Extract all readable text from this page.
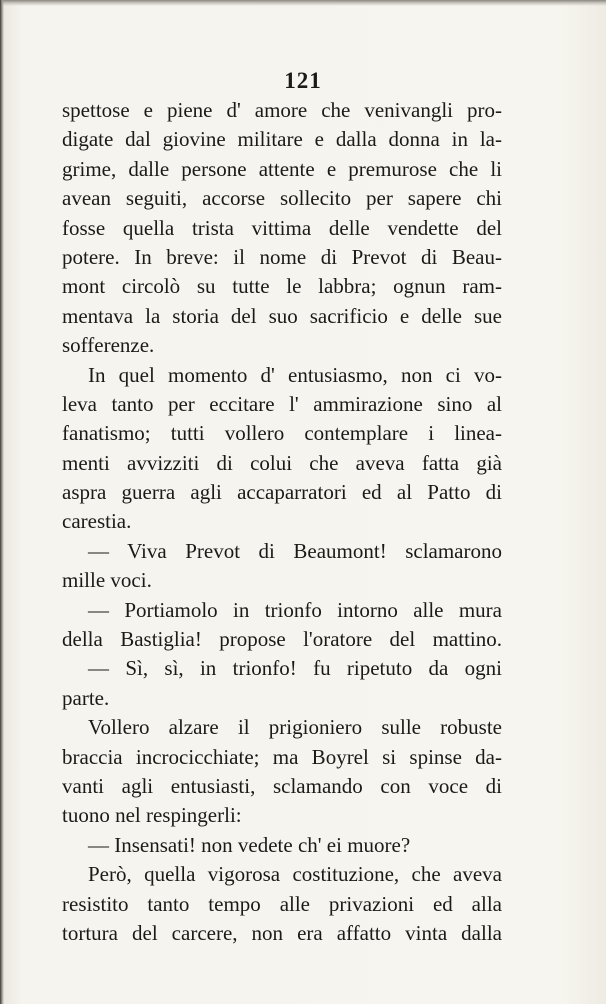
121
spettose e piene d' amore che venivangli pro-
digate dal giovine militare e dalla donna in la-
grime, dalle persone attente e premurose che li
avean seguiti, accorse sollecito per sapere chi
fosse quella trista vittima delle vendette del
potere. In breve: il nome di Prevot di Beau-
mont circolò su tutte le labbra; ognun ram-
mentava la storia del suo sacrificio e delle sue
sofferenze.
In quel momento d' entusiasmo, non ci vo-
leva tanto per eccitare l' ammirazione sino al
fanatismo; tutti vollero contemplare i linea-
menti avvizziti di colui che aveva fatta già
aspra guerra agli accaparratori ed al Patto di
carestia.
— Viva Prevot di Beaumont! sclamarono
mille voci.
— Portiamolo in trionfo intorno alle mura
della Bastiglia! propose l'oratore del mattino.
— Sì, sì, in trionfo! fu ripetuto da ogni
parte.
Vollero alzare il prigioniero sulle robuste
braccia incrocicchiate; ma Boyrel si spinse da-
vanti agli entusiasti, sclamando con voce di
tuono nel respingerli:
— Insensati! non vedete ch' ei muore?
Però, quella vigorosa costituzione, che aveva
resistito tanto tempo alle privazioni ed alla
tortura del carcere, non era affatto vinta dalla
